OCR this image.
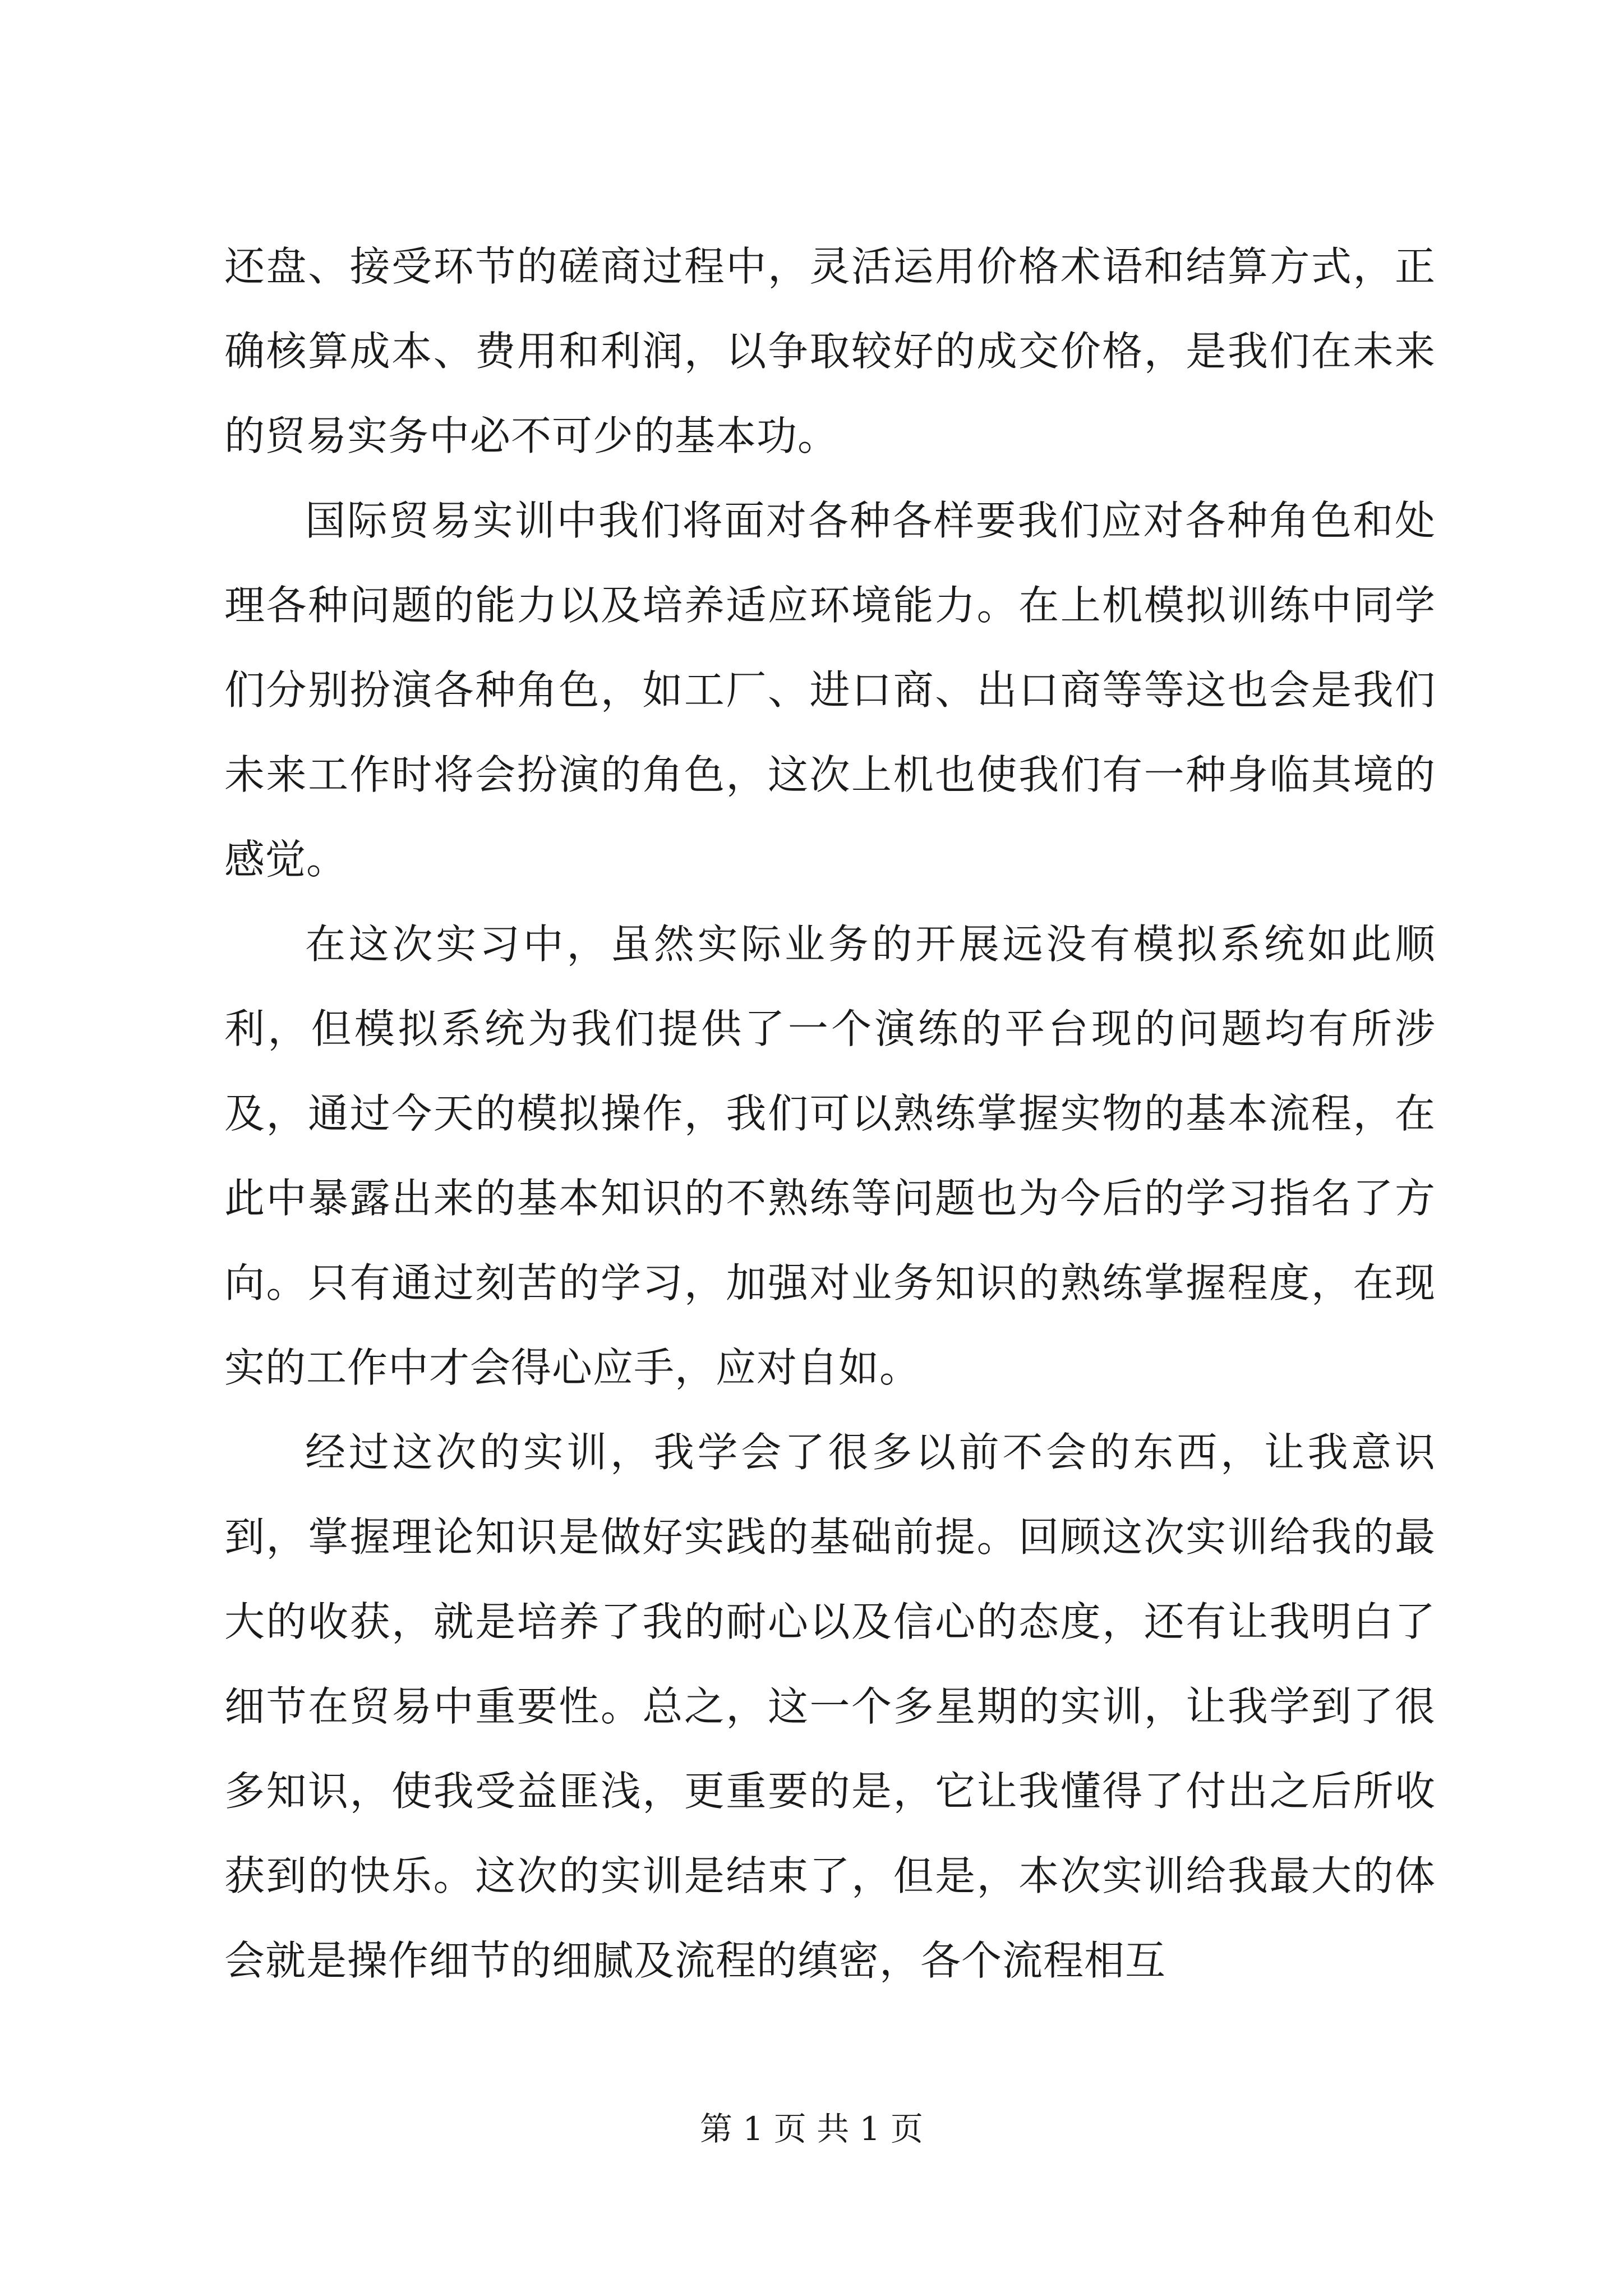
还盘、接受环节的磋商过程中，灵活运用价格术语和结算方式，正确核算成本、费用和利润，以争取较好的成交价格，是我们在未来的贸易实务中必不可少的基本功。

国际贸易实训中我们将面对各种各样要我们应对各种角色和处理各种问题的能力以及培养适应环境能力。在上机模拟训练中同学们分别扮演各种角色，如工厂、进口商、出口商等等这也会是我们未来工作时将会扮演的角色，这次上机也使我们有一种身临其境的感觉。

在这次实习中，虽然实际业务的开展远没有模拟系统如此顺利，但模拟系统为我们提供了一个演练的平台现的问题均有所涉及，通过今天的模拟操作，我们可以熟练掌握实物的基本流程，在此中暴露出来的基本知识的不熟练等问题也为今后的学习指名了方向。只有通过刻苦的学习，加强对业务知识的熟练掌握程度，在现实的工作中才会得心应手，应对自如。

经过这次的实训，我学会了很多以前不会的东西，让我意识到，掌握理论知识是做好实践的基础前提。回顾这次实训给我的最大的收获，就是培养了我的耐心以及信心的态度，还有让我明白了细节在贸易中重要性。总之，这一个多星期的实训，让我学到了很多知识，使我受益匪浅，更重要的是，它让我懂得了付出之后所收获到的快乐。这次的实训是结束了，但是，本次实训给我最大的体会就是操作细节的细腻及流程的缜密，各个流程相互

第 1 页 共 1 页
